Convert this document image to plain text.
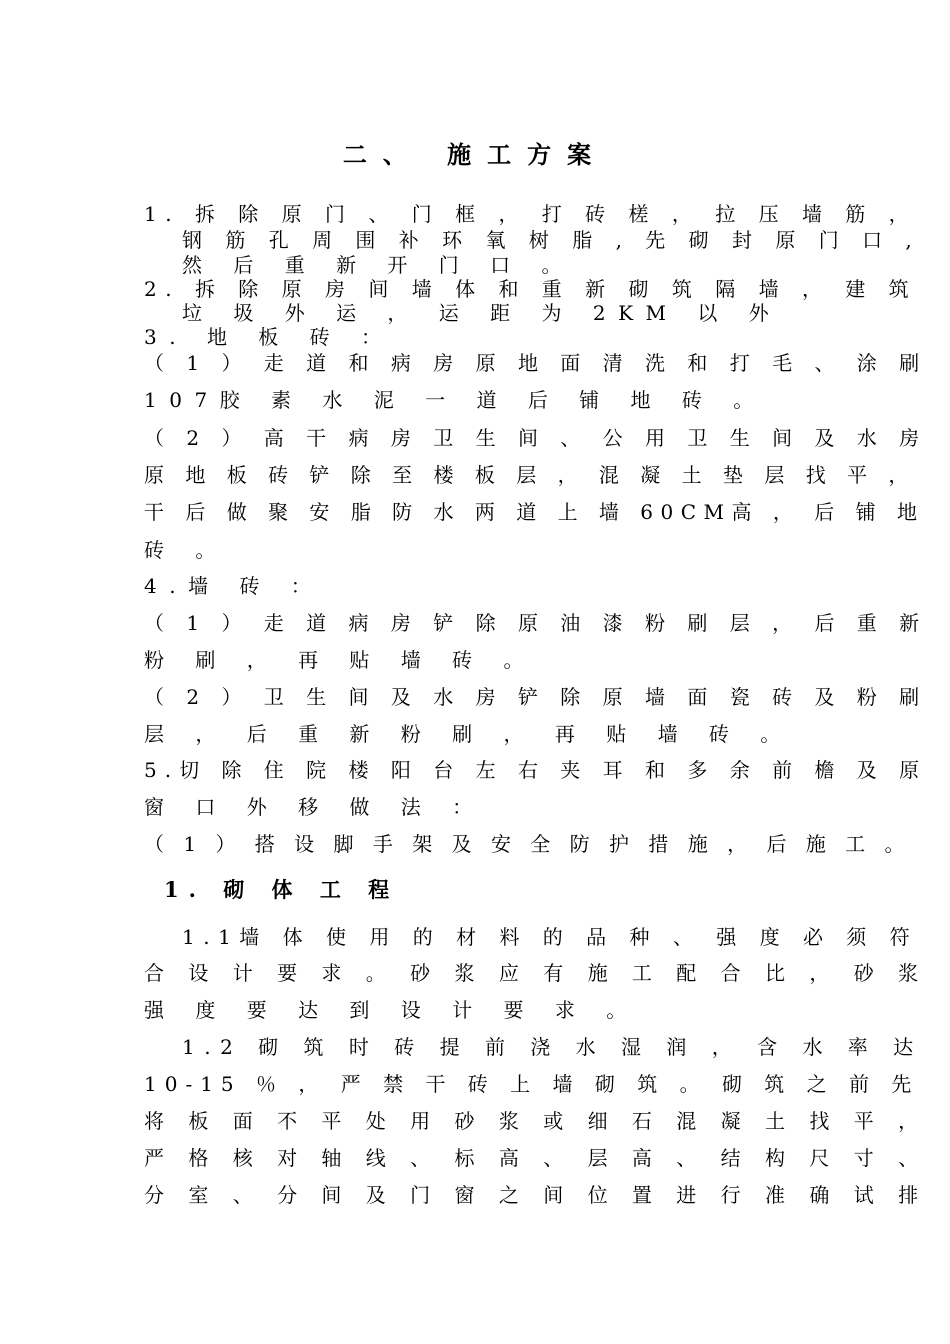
二、 施工方案
1. 拆 除 原 门 、 门 框 ， 打 砖 槎 ， 拉 压 墙 筋 ，
钢 筋 孔 周 围 补 环 氧 树 脂 , 先 砌 封 原 门 口 ,
然 后 重 新 开 门 口 。
2. 拆 除 原 房 间 墙 体 和 重 新 砌 筑 隔 墙 ， 建 筑
垃 圾 外 运 ， 运 距 为 2KM 以 外
3. 地 板 砖 ：
（ 1 ） 走 道 和 病 房 原 地 面 清 洗 和 打 毛 、 涂 刷
107胶 素 水 泥 一 道 后 铺 地 砖 。
（ 2 ） 高 干 病 房 卫 生 间 、 公 用 卫 生 间 及 水 房
原 地 板 砖 铲 除 至 楼 板 层 ， 混 凝 土 垫 层 找 平 ，
干 后 做 聚 安 脂 防 水 两 道 上 墙 60CM高 ， 后 铺 地
砖 。
4.墙 砖 ：
（ 1 ） 走 道 病 房 铲 除 原 油 漆 粉 刷 层 ， 后 重 新
粉 刷 ， 再 贴 墙 砖 。
（ 2 ） 卫 生 间 及 水 房 铲 除 原 墙 面 瓷 砖 及 粉 刷
层 ， 后 重 新 粉 刷 ， 再 贴 墙 砖 。
5.切 除 住 院 楼 阳 台 左 右 夹 耳 和 多 余 前 檐 及 原
窗 口 外 移 做 法 ：
（ 1 ） 搭 设 脚 手 架 及 安 全 防 护 措 施 ， 后 施 工 。
1. 砌 体 工 程
1.1墙 体 使 用 的 材 料 的 品 种 、 强 度 必 须 符
合 设 计 要 求 。 砂 浆 应 有 施 工 配 合 比 ， 砂 浆
强 度 要 达 到 设 计 要 求 。
1.2 砌 筑 时 砖 提 前 浇 水 湿 润 ， 含 水 率 达
10-15 ％ ， 严 禁 干 砖 上 墙 砌 筑 。 砌 筑 之 前 先
将 板 面 不 平 处 用 砂 浆 或 细 石 混 凝 土 找 平 ，
严 格 核 对 轴 线 、 标 高 、 层 高 、 结 构 尺 寸 、
分 室 、 分 间 及 门 窗 之 间 位 置 进 行 准 确 试 排
